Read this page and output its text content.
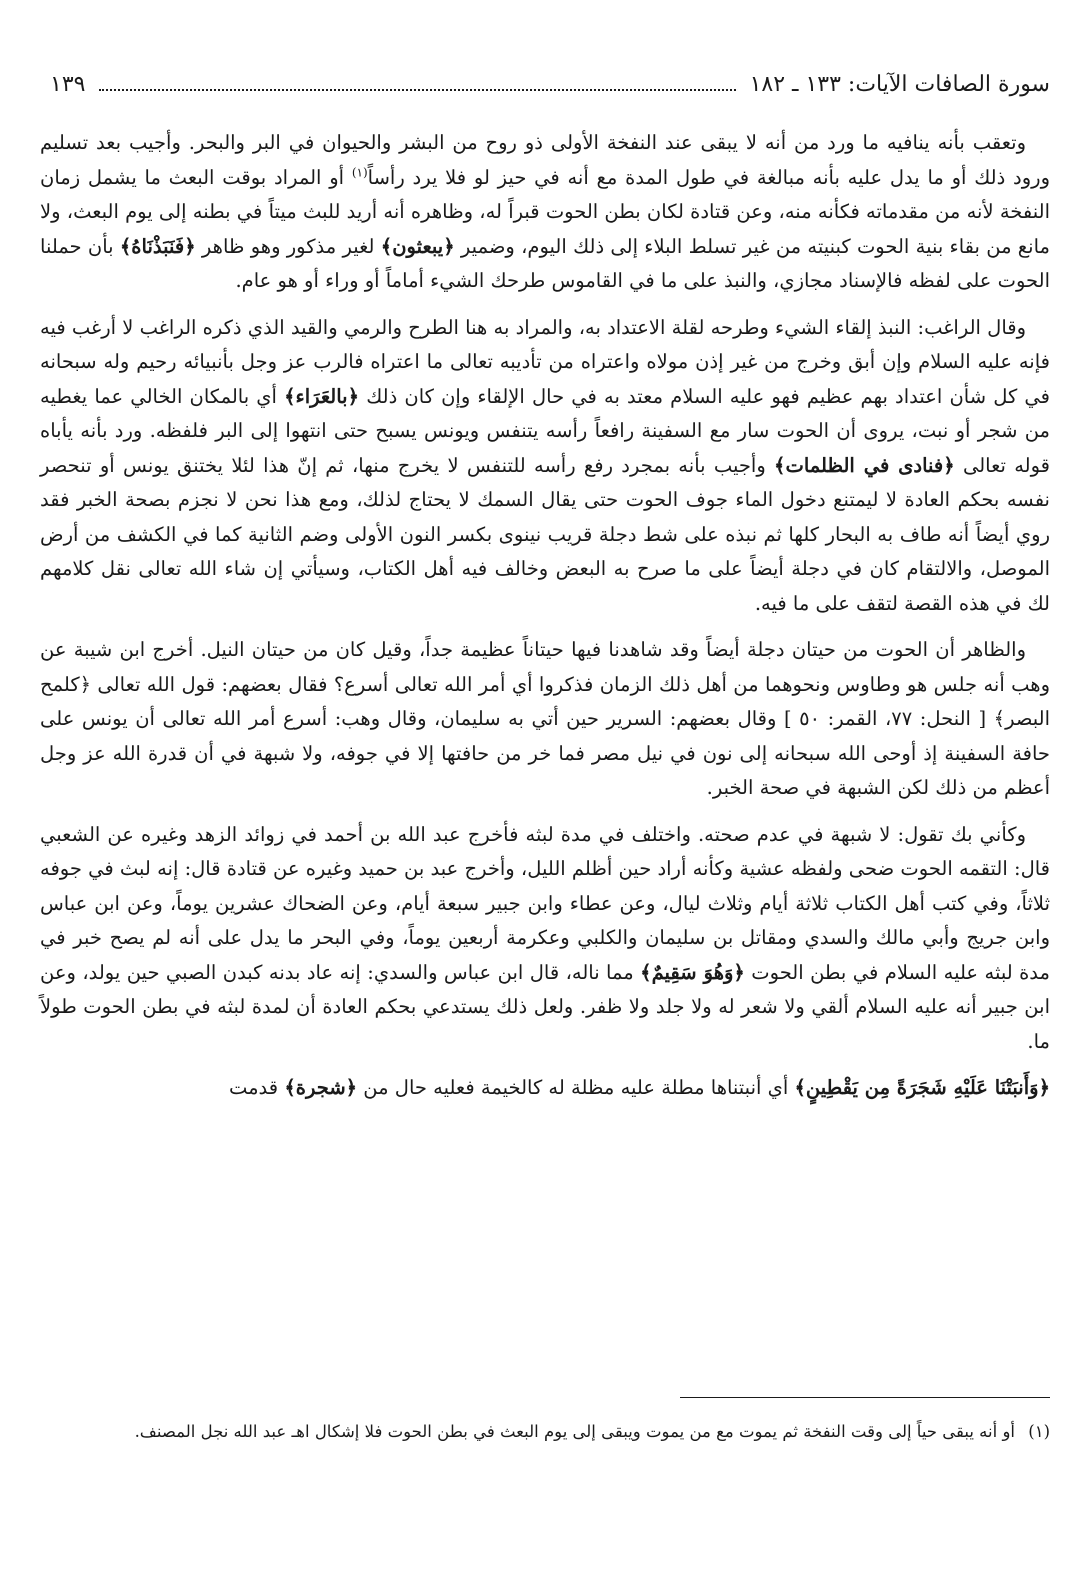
سورة الصافات الآيات: ١٣٣ ـ ١٨٢
١٣٩

وتعقب بأنه ينافيه ما ورد من أنه لا يبقى عند النفخة الأولى ذو روح من البشر والحيوان في البر والبحر. وأجيب بعد تسليم ورود ذلك أو ما يدل عليه بأنه مبالغة في طول المدة مع أنه في حيز لو فلا يرد رأساً$^{(١)}$ أو المراد بوقت البعث ما يشمل زمان النفخة لأنه من مقدماته فكأنه منه، وعن قتادة لكان بطن الحوت قبراً له، وظاهره أنه أريد للبث ميتاً في بطنه إلى يوم البعث، ولا مانع من بقاء بنية الحوت كبنيته من غير تسلط البلاء إلى ذلك اليوم، وضمير ﴿يبعثون﴾ لغير مذكور وهو ظاهر ﴿فَنَبَذْنَاهُ﴾ بأن حملنا الحوت على لفظه فالإسناد مجازي، والنبذ على ما في القاموس طرحك الشيء أماماً أو وراء أو هو عام.

وقال الراغب: النبذ إلقاء الشيء وطرحه لقلة الاعتداد به، والمراد به هنا الطرح والرمي والقيد الذي ذكره الراغب لا أرغب فيه فإنه عليه السلام وإن أبق وخرج من غير إذن مولاه واعتراه من تأديبه تعالى ما اعتراه فالرب عز وجل بأنبيائه رحيم وله سبحانه في كل شأن اعتداد بهم عظيم فهو عليه السلام معتد به في حال الإلقاء وإن كان ذلك ﴿بالعَرَاء﴾ أي بالمكان الخالي عما يغطيه من شجر أو نبت، يروى أن الحوت سار مع السفينة رافعاً رأسه يتنفس ويونس يسبح حتى انتهوا إلى البر فلفظه. ورد بأنه يأباه قوله تعالى ﴿فنادى في الظلمات﴾ وأجيب بأنه بمجرد رفع رأسه للتنفس لا يخرج منها، ثم إنّ هذا لئلا يختنق يونس أو تنحصر نفسه بحكم العادة لا ليمتنع دخول الماء جوف الحوت حتى يقال السمك لا يحتاج لذلك، ومع هذا نحن لا نجزم بصحة الخبر فقد روي أيضاً أنه طاف به البحار كلها ثم نبذه على شط دجلة قريب نينوى بكسر النون الأولى وضم الثانية كما في الكشف من أرض الموصل، والالتقام كان في دجلة أيضاً على ما صرح به البعض وخالف فيه أهل الكتاب، وسيأتي إن شاء الله تعالى نقل كلامهم لك في هذه القصة لتقف على ما فيه.

والظاهر أن الحوت من حيتان دجلة أيضاً وقد شاهدنا فيها حيتاناً عظيمة جداً، وقيل كان من حيتان النيل. أخرج ابن شيبة عن وهب أنه جلس هو وطاوس ونحوهما من أهل ذلك الزمان فذكروا أي أمر الله تعالى أسرع؟ فقال بعضهم: قول الله تعالى ﴿كلمح البصر﴾ [ النحل: ٧٧، القمر: ٥٠ ] وقال بعضهم: السرير حين أتي به سليمان، وقال وهب: أسرع أمر الله تعالى أن يونس على حافة السفينة إذ أوحى الله سبحانه إلى نون في نيل مصر فما خر من حافتها إلا في جوفه، ولا شبهة في أن قدرة الله عز وجل أعظم من ذلك لكن الشبهة في صحة الخبر.

وكأني بك تقول: لا شبهة في عدم صحته. واختلف في مدة لبثه فأخرج عبد الله بن أحمد في زوائد الزهد وغيره عن الشعبي قال: التقمه الحوت ضحى ولفظه عشية وكأنه أراد حين أظلم الليل، وأخرج عبد بن حميد وغيره عن قتادة قال: إنه لبث في جوفه ثلاثاً، وفي كتب أهل الكتاب ثلاثة أيام وثلاث ليال، وعن عطاء وابن جبير سبعة أيام، وعن الضحاك عشرين يوماً، وعن ابن عباس وابن جريج وأبي مالك والسدي ومقاتل بن سليمان والكلبي وعكرمة أربعين يوماً، وفي البحر ما يدل على أنه لم يصح خبر في مدة لبثه عليه السلام في بطن الحوت ﴿وَهُوَ سَقِيمٌ﴾ مما ناله، قال ابن عباس والسدي: إنه عاد بدنه كبدن الصبي حين يولد، وعن ابن جبير أنه عليه السلام ألقي ولا شعر له ولا جلد ولا ظفر. ولعل ذلك يستدعي بحكم العادة أن لمدة لبثه في بطن الحوت طولاً ما.

﴿وَأَنبَتْنَا عَلَيْهِ شَجَرَةً مِن يَقْطِينٍ﴾ أي أنبتناها مطلة عليه مظلة له كالخيمة فعليه حال من ﴿شجرة﴾ قدمت

(١) أو أنه يبقى حياً إلى وقت النفخة ثم يموت مع من يموت ويبقى إلى يوم البعث في بطن الحوت فلا إشكال اهـ عبد الله نجل المصنف.
